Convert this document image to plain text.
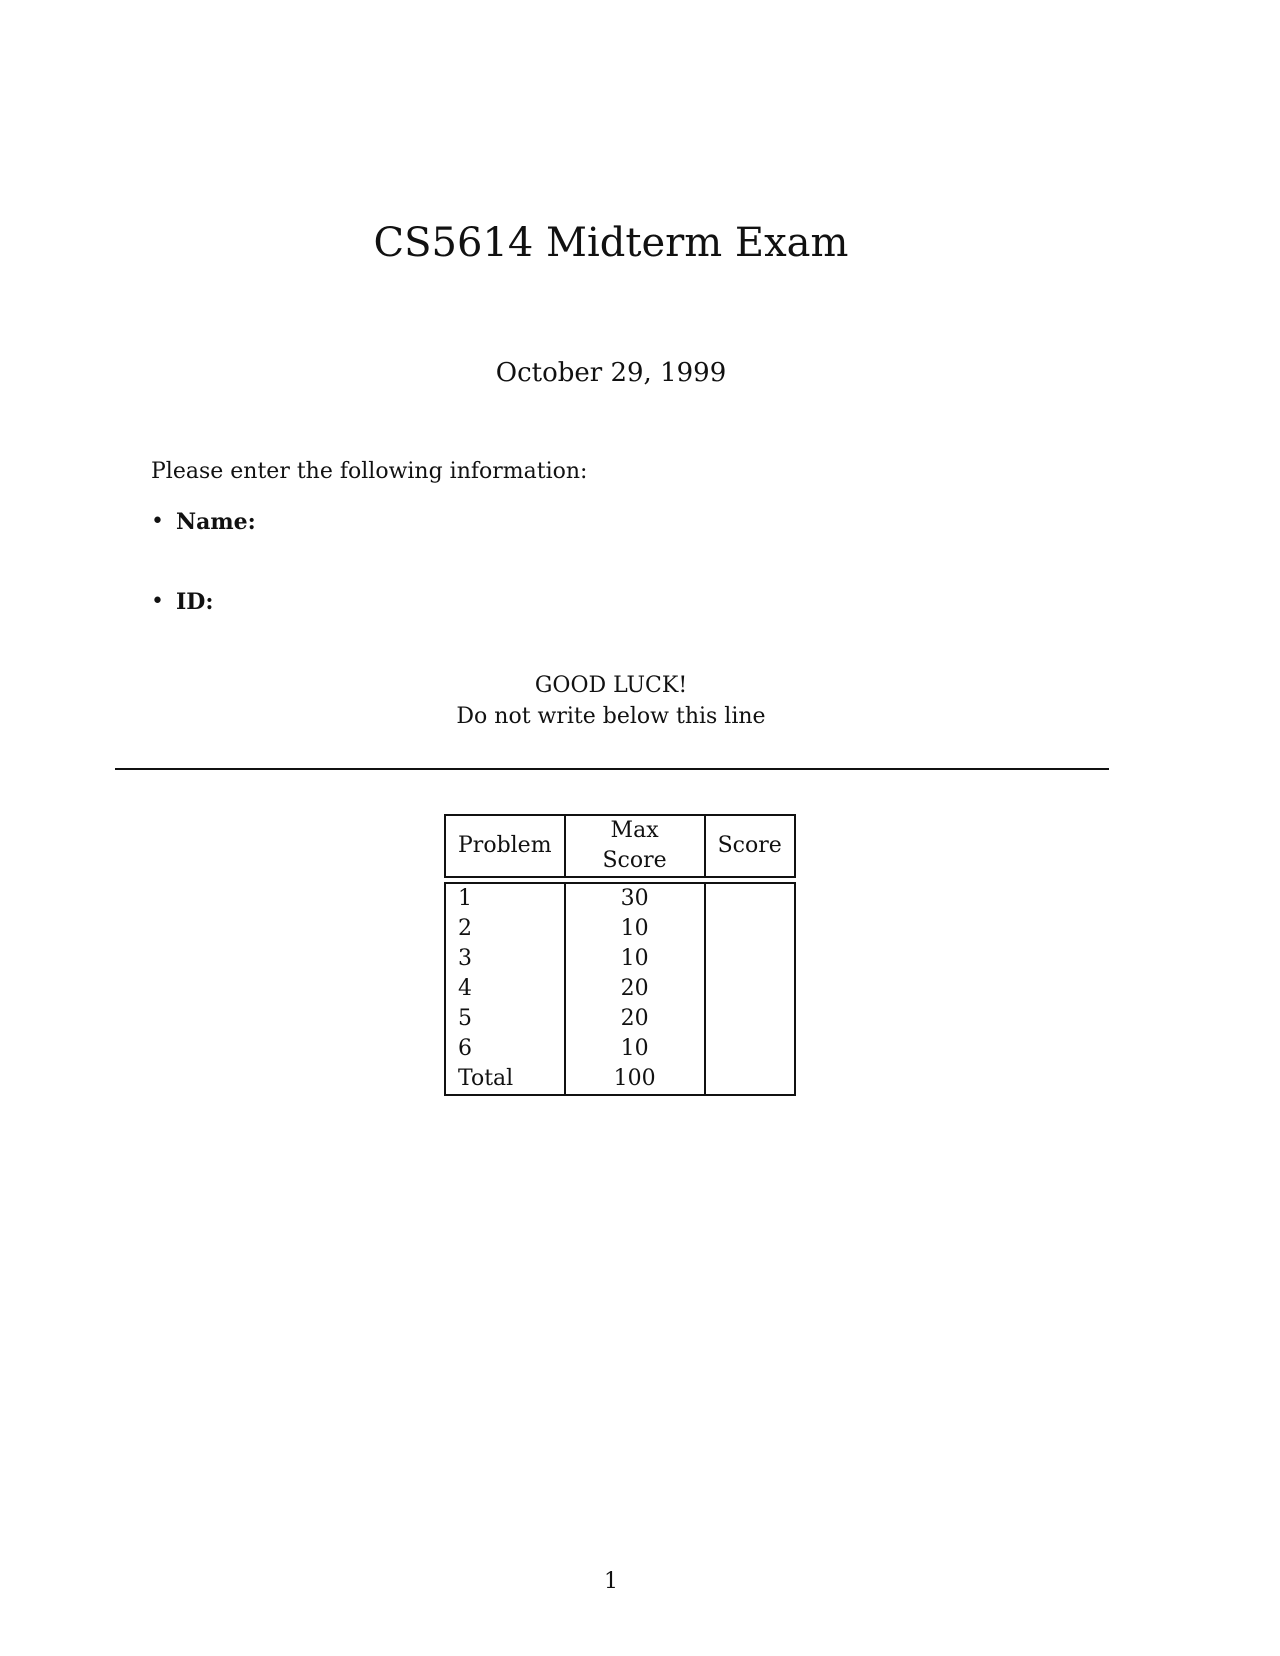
CS5614 Midterm Exam
October 29, 1999
Please enter the following information:
• Name:
• ID:
GOOD LUCK!
Do not write below this line
Problem	Max Score	Score

1	30	
2	10	
3	10	
4	20	
5	20	
6	10	
Total	100	
1
